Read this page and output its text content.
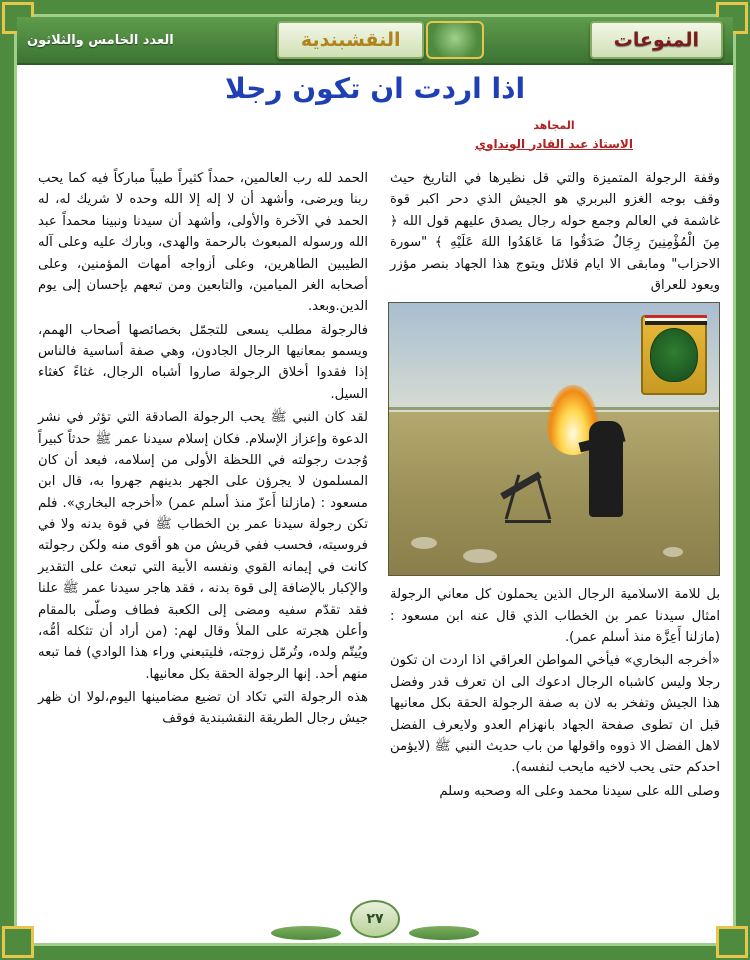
المنوعات
النقشبندية
العدد الخامس والثلاثون
اذا اردت ان تكون رجلا
المجاهد
الاستاذ عبد القادر الونداوي

وقفة الرجولة المتميزة والتي قل نظيرها في التاريخ حيث وقف بوجه الغزو البربري هو الجيش الذي دحر اكبر قوة غاشمة في العالم وجمع حوله رجال يصدق عليهم قول الله ﴿ مِنَ الْمُؤْمِنِينَ رِجَالٌ صَدَقُوا مَا عَاهَدُوا اللهَ عَلَيْهِ ﴾ "سورة الاحزاب" ومابقى الا ايام قلائل ويتوج هذا الجهاد بنصر مؤزر ويعود للعراق

بل للامة الاسلامية الرجال الذين يحملون كل معاني الرجولة امثال سيدنا عمر بن الخطاب الذي قال عنه ابن مسعود : (مازلنا أَعِزَّة منذ أسلم عمر).

«أخرجه البخاري» فيأخي المواطن العراقي اذا اردت ان تكون رجلا وليس كاشباه الرجال ادعوك الى ان تعرف قدر وفضل هذا الجيش وتفخر به لان به صفة الرجولة الحقة بكل معانيها قبل ان تطوى صفحة الجهاد بانهزام العدو ولايعرف الفضل لاهل الفضل الا ذووه واقولها من باب حديث النبي ﷺ (لايؤمن احدكم حتى يحب لاخيه مايحب لنفسه).

وصلى الله على سيدنا محمد وعلى اله وصحبه وسلم

الحمد لله رب العالمين، حمداً كثيراً طيباً مباركاً فيه كما يحب ربنا ويرضى، وأشهد أن لا إله إلا الله وحده لا شريك له، له الحمد في الآخرة والأولى، وأشهد أن سيدنا ونبينا محمداً عبد الله ورسوله المبعوث بالرحمة والهدى، وبارك عليه وعلى آله الطيبين الطاهرين، وعلى أزواجه أمهات المؤمنين، وعلى أصحابه الغر الميامين، والتابعين ومن تبعهم بإحسان إلى يوم الدين.وبعد.

فالرجولة مطلب يسعى للتجمّل بخصائصها أصحاب الهمم، ويسمو بمعانيها الرجال الجادون، وهي صفة أساسية فالناس إذا فقدوا أخلاق الرجولة صاروا أشباه الرجال، غثاءً كغثاء السيل.

لقد كان النبي ﷺ يحب الرجولة الصادقة التي تؤثر في نشر الدعوة وإعزاز الإسلام. فكان إسلام سيدنا عمر ﷺ حدثاً كبيراً وُجدت رجولته في اللحظة الأولى من إسلامه، فبعد أن كان المسلمون لا يجرؤن على الجهر بدينهم جهروا به، قال ابن مسعود : (مازلنا أَعزّ منذ أسلم عمر) «أخرجه البخاري». فلم تكن رجولة سيدنا عمر بن الخطاب ﷺ في قوة بدنه ولا في فروسيته، فحسب ففي قريش من هو أقوى منه ولكن رجولته كانت في إيمانه القوي ونفسه الأبية التي تبعث على التقدير والإكبار بالإضافة إلى قوة بدنه ، فقد هاجر سيدنا عمر ﷺ علنا فقد تقدّم سفيه ومضى إلى الكعبة فطاف وصلّى بالمقام وأعلن هجرته على الملأ وقال لهم: (من أراد أن تثكله أمُّه، ويُيتّم ولده، وتُرمّل زوجته، فليتبعني وراء هذا الوادي) فما تبعه منهم أحد. إنها الرجولة الحقة بكل معانيها.

هذه الرجولة التي تكاد ان تضيع مضامينها اليوم،لولا ان ظهر جيش رجال الطريقة النقشبندية فوقف

٢٧
